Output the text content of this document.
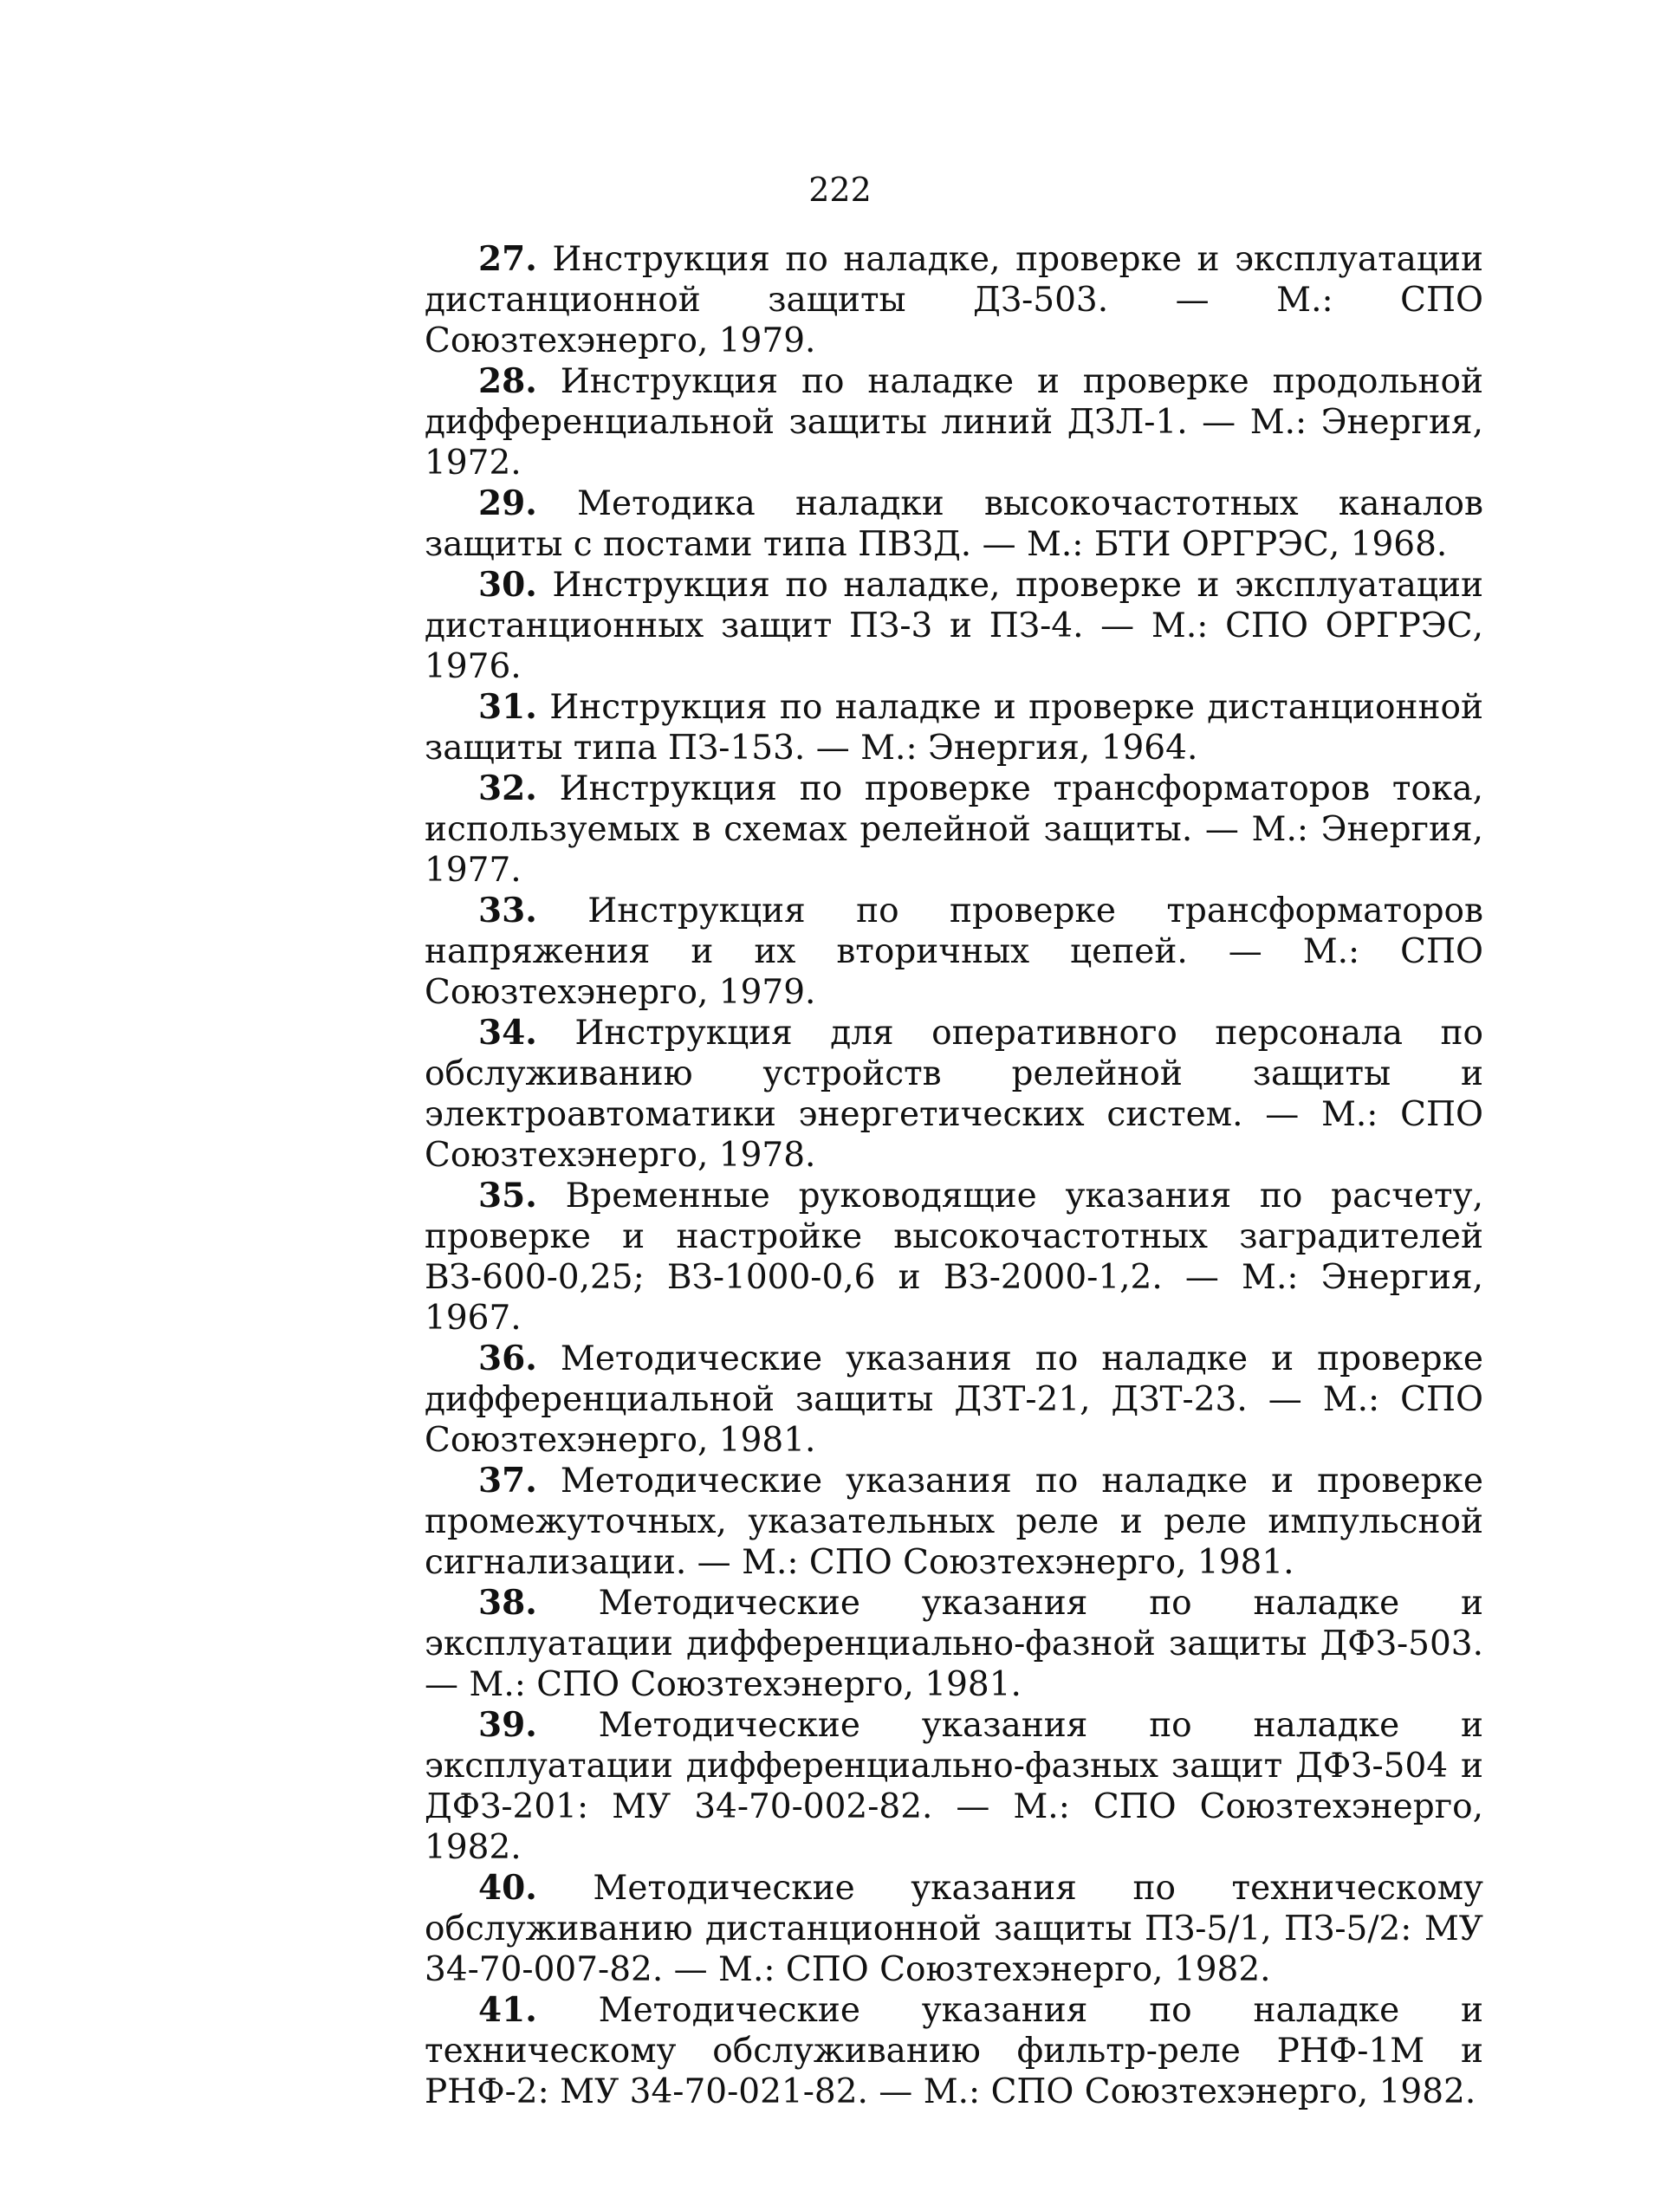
222
27. Инструкция по наладке, проверке и эксплуатации дистанционной защиты ДЗ-503. — М.: СПО Союзтехэнерго, 1979.
28. Инструкция по наладке и проверке продольной дифференциальной защиты линий ДЗЛ-1. — М.: Энергия, 1972.
29. Методика наладки высокочастотных каналов защиты с постами типа ПВЗД. — М.: БТИ ОРГРЭС, 1968.
30. Инструкция по наладке, проверке и эксплуатации дистанционных защит ПЗ-3 и ПЗ-4. — М.: СПО ОРГРЭС, 1976.
31. Инструкция по наладке и проверке дистанционной защиты типа ПЗ-153. — М.: Энергия, 1964.
32. Инструкция по проверке трансформаторов тока, используемых в схемах релейной защиты. — М.: Энергия, 1977.
33. Инструкция по проверке трансформаторов напряжения и их вторичных цепей. — М.: СПО Союзтехэнерго, 1979.
34. Инструкция для оперативного персонала по обслуживанию устройств релейной защиты и электроавтоматики энергетических систем. — М.: СПО Союзтехэнерго, 1978.
35. Временные руководящие указания по расчету, проверке и настройке высокочастотных заградителей ВЗ-600-0,25; ВЗ-1000-0,6 и ВЗ-2000-1,2. — М.: Энергия, 1967.
36. Методические указания по наладке и проверке дифференциальной защиты ДЗТ-21, ДЗТ-23. — М.: СПО Союзтехэнерго, 1981.
37. Методические указания по наладке и проверке промежуточных, указательных реле и реле импульсной сигнализации. — М.: СПО Союзтехэнерго, 1981.
38. Методические указания по наладке и эксплуатации дифференциально-фазной защиты ДФЗ-503. — М.: СПО Союзтехэнерго, 1981.
39. Методические указания по наладке и эксплуатации дифференциально-фазных защит ДФЗ-504 и ДФЗ-201: МУ 34-70-002-82. — М.: СПО Союзтехэнерго, 1982.
40. Методические указания по техническому обслуживанию дистанционной защиты ПЗ-5/1, ПЗ-5/2: МУ 34-70-007-82. — М.: СПО Союзтехэнерго, 1982.
41. Методические указания по наладке и техническому обслуживанию фильтр-реле РНФ-1М и РНФ-2: МУ 34-70-021-82. — М.: СПО Союзтехэнерго, 1982.
